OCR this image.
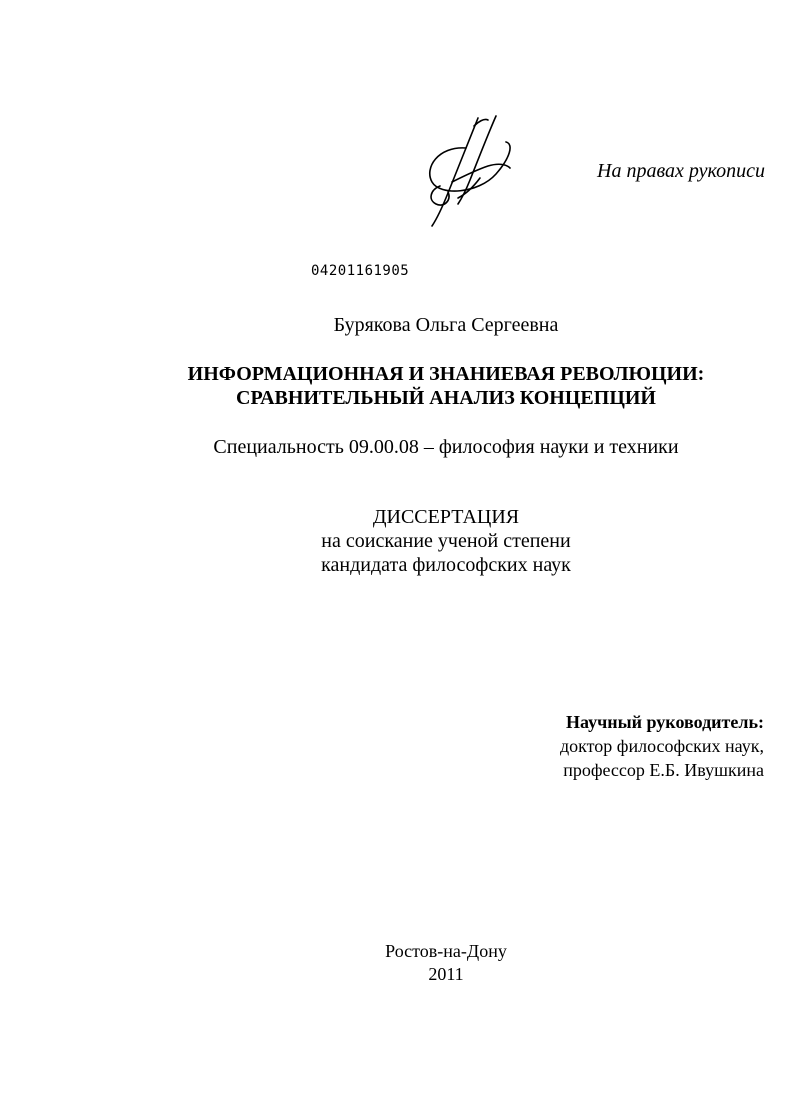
На правах рукописи
04201161905
Бурякова Ольга Сергеевна
ИНФОРМАЦИОННАЯ И ЗНАНИЕВАЯ РЕВОЛЮЦИИ:
СРАВНИТЕЛЬНЫЙ АНАЛИЗ КОНЦЕПЦИЙ
Специальность 09.00.08 – философия науки и техники
ДИССЕРТАЦИЯ
на соискание ученой степени
кандидата философских наук
Научный руководитель:
доктор философских наук,
профессор Е.Б. Ивушкина
Ростов-на-Дону
2011
